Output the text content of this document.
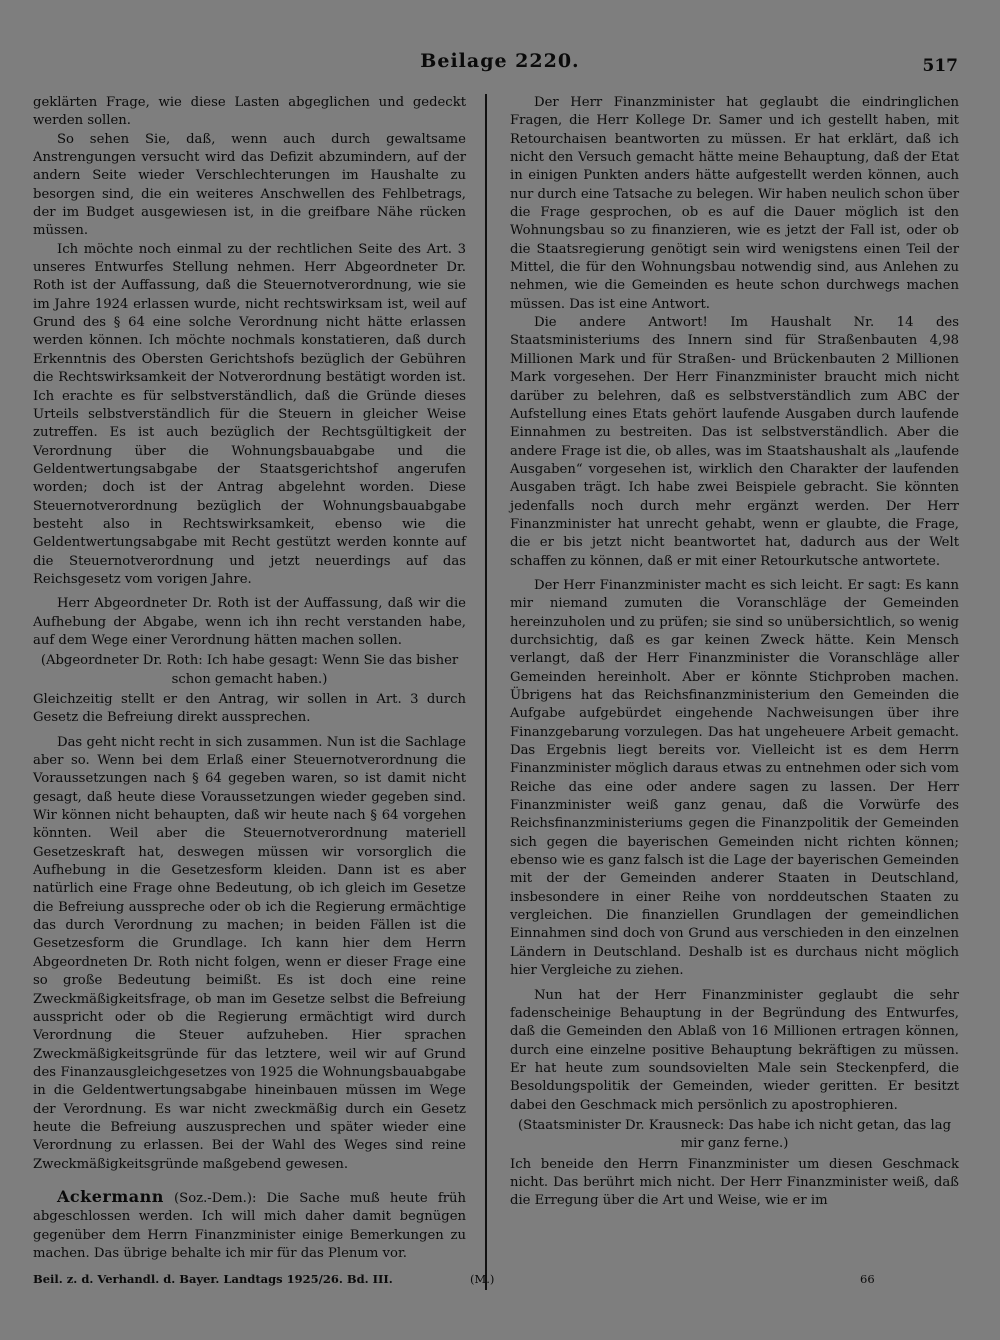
Beilage 2220.	517

geklärten Frage, wie diese Lasten abgeglichen und gedeckt werden sollen.

So sehen Sie, daß, wenn auch durch gewaltsame Anstrengungen versucht wird das Defizit abzumindern, auf der andern Seite wieder Verschlechterungen im Haushalte zu besorgen sind, die ein weiteres Anschwellen des Fehlbetrags, der im Budget ausgewiesen ist, in die greifbare Nähe rücken müssen.

Ich möchte noch einmal zu der rechtlichen Seite des Art. 3 unseres Entwurfes Stellung nehmen. Herr Abgeordneter Dr. Roth ist der Auffassung, daß die Steuernotverordnung, wie sie im Jahre 1924 erlassen wurde, nicht rechtswirksam ist, weil auf Grund des § 64 eine solche Verordnung nicht hätte erlassen werden können. Ich möchte nochmals konstatieren, daß durch Erkenntnis des Obersten Gerichtshofs bezüglich der Gebühren die Rechtswirksamkeit der Notverordnung bestätigt worden ist. Ich erachte es für selbstverständlich, daß die Gründe dieses Urteils selbstverständlich für die Steuern in gleicher Weise zutreffen. Es ist auch bezüglich der Rechtsgültigkeit der Verordnung über die Wohnungsbauabgabe und die Geldentwertungsabgabe der Staatsgerichtshof angerufen worden; doch ist der Antrag abgelehnt worden. Diese Steuernotverordnung bezüglich der Wohnungsbauabgabe besteht also in Rechtswirksamkeit, ebenso wie die Geldentwertungsabgabe mit Recht gestützt werden konnte auf die Steuernotverordnung und jetzt neuerdings auf das Reichsgesetz vom vorigen Jahre.

Herr Abgeordneter Dr. Roth ist der Auffassung, daß wir die Aufhebung der Abgabe, wenn ich ihn recht verstanden habe, auf dem Wege einer Verordnung hätten machen sollen.

(Abgeordneter Dr. Roth: Ich habe gesagt: Wenn Sie das bisher schon gemacht haben.)

Gleichzeitig stellt er den Antrag, wir sollen in Art. 3 durch Gesetz die Befreiung direkt aussprechen.

Das geht nicht recht in sich zusammen. Nun ist die Sachlage aber so. Wenn bei dem Erlaß einer Steuernotverordnung die Voraussetzungen nach § 64 gegeben waren, so ist damit nicht gesagt, daß heute diese Voraussetzungen wieder gegeben sind. Wir können nicht behaupten, daß wir heute nach § 64 vorgehen könnten. Weil aber die Steuernotverordnung materiell Gesetzeskraft hat, deswegen müssen wir vorsorglich die Aufhebung in die Gesetzesform kleiden. Dann ist es aber natürlich eine Frage ohne Bedeutung, ob ich gleich im Gesetze die Befreiung ausspreche oder ob ich die Regierung ermächtige das durch Verordnung zu machen; in beiden Fällen ist die Gesetzesform die Grundlage. Ich kann hier dem Herrn Abgeordneten Dr. Roth nicht folgen, wenn er dieser Frage eine so große Bedeutung beimißt. Es ist doch eine reine Zweckmäßigkeitsfrage, ob man im Gesetze selbst die Befreiung ausspricht oder ob die Regierung ermächtigt wird durch Verordnung die Steuer aufzuheben. Hier sprachen Zweckmäßigkeitsgründe für das letztere, weil wir auf Grund des Finanzausgleichgesetzes von 1925 die Wohnungsbauabgabe in die Geldentwertungsabgabe hineinbauen müssen im Wege der Verordnung. Es war nicht zweckmäßig durch ein Gesetz heute die Befreiung auszusprechen und später wieder eine Verordnung zu erlassen. Bei der Wahl des Weges sind reine Zweckmäßigkeitsgründe maßgebend gewesen.

Ackermann (Soz.-Dem.): Die Sache muß heute früh abgeschlossen werden. Ich will mich daher damit begnügen gegenüber dem Herrn Finanzminister einige Bemerkungen zu machen. Das übrige behalte ich mir für das Plenum vor.

Der Herr Finanzminister hat geglaubt die eindringlichen Fragen, die Herr Kollege Dr. Samer und ich gestellt haben, mit Retourchaisen beantworten zu müssen. Er hat erklärt, daß ich nicht den Versuch gemacht hätte meine Behauptung, daß der Etat in einigen Punkten anders hätte aufgestellt werden können, auch nur durch eine Tatsache zu belegen. Wir haben neulich schon über die Frage gesprochen, ob es auf die Dauer möglich ist den Wohnungsbau so zu finanzieren, wie es jetzt der Fall ist, oder ob die Staatsregierung genötigt sein wird wenigstens einen Teil der Mittel, die für den Wohnungsbau notwendig sind, aus Anlehen zu nehmen, wie die Gemeinden es heute schon durchwegs machen müssen. Das ist eine Antwort.

Die andere Antwort! Im Haushalt Nr. 14 des Staatsministeriums des Innern sind für Straßenbauten 4,98 Millionen Mark und für Straßen- und Brückenbauten 2 Millionen Mark vorgesehen. Der Herr Finanzminister braucht mich nicht darüber zu belehren, daß es selbstverständlich zum ABC der Aufstellung eines Etats gehört laufende Ausgaben durch laufende Einnahmen zu bestreiten. Das ist selbstverständlich. Aber die andere Frage ist die, ob alles, was im Staatshaushalt als „laufende Ausgaben“ vorgesehen ist, wirklich den Charakter der laufenden Ausgaben trägt. Ich habe zwei Beispiele gebracht. Sie könnten jedenfalls noch durch mehr ergänzt werden. Der Herr Finanzminister hat unrecht gehabt, wenn er glaubte, die Frage, die er bis jetzt nicht beantwortet hat, dadurch aus der Welt schaffen zu können, daß er mit einer Retourkutsche antwortete.

Der Herr Finanzminister macht es sich leicht. Er sagt: Es kann mir niemand zumuten die Voranschläge der Gemeinden hereinzuholen und zu prüfen; sie sind so unübersichtlich, so wenig durchsichtig, daß es gar keinen Zweck hätte. Kein Mensch verlangt, daß der Herr Finanzminister die Voranschläge aller Gemeinden hereinholt. Aber er könnte Stichproben machen. Übrigens hat das Reichsfinanzministerium den Gemeinden die Aufgabe aufgebürdet eingehende Nachweisungen über ihre Finanzgebarung vorzulegen. Das hat ungeheuere Arbeit gemacht. Das Ergebnis liegt bereits vor. Vielleicht ist es dem Herrn Finanzminister möglich daraus etwas zu entnehmen oder sich vom Reiche das eine oder andere sagen zu lassen. Der Herr Finanzminister weiß ganz genau, daß die Vorwürfe des Reichsfinanzministeriums gegen die Finanzpolitik der Gemeinden sich gegen die bayerischen Gemeinden nicht richten können; ebenso wie es ganz falsch ist die Lage der bayerischen Gemeinden mit der der Gemeinden anderer Staaten in Deutschland, insbesondere in einer Reihe von norddeutschen Staaten zu vergleichen. Die finanziellen Grundlagen der gemeindlichen Einnahmen sind doch von Grund aus verschieden in den einzelnen Ländern in Deutschland. Deshalb ist es durchaus nicht möglich hier Vergleiche zu ziehen.

Nun hat der Herr Finanzminister geglaubt die sehr fadenscheinige Behauptung in der Begründung des Entwurfes, daß die Gemeinden den Ablaß von 16 Millionen ertragen können, durch eine einzelne positive Behauptung bekräftigen zu müssen. Er hat heute zum soundsovielten Male sein Steckenpferd, die Besoldungspolitik der Gemeinden, wieder geritten. Er besitzt dabei den Geschmack mich persönlich zu apostrophieren.

(Staatsminister Dr. Krausneck: Das habe ich nicht getan, das lag mir ganz ferne.)

Ich beneide den Herrn Finanzminister um diesen Geschmack nicht. Das berührt mich nicht. Der Herr Finanzminister weiß, daß die Erregung über die Art und Weise, wie er im

Beil. z. d. Verhandl. d. Bayer. Landtags 1925/26. Bd. III.	(M.)	66
